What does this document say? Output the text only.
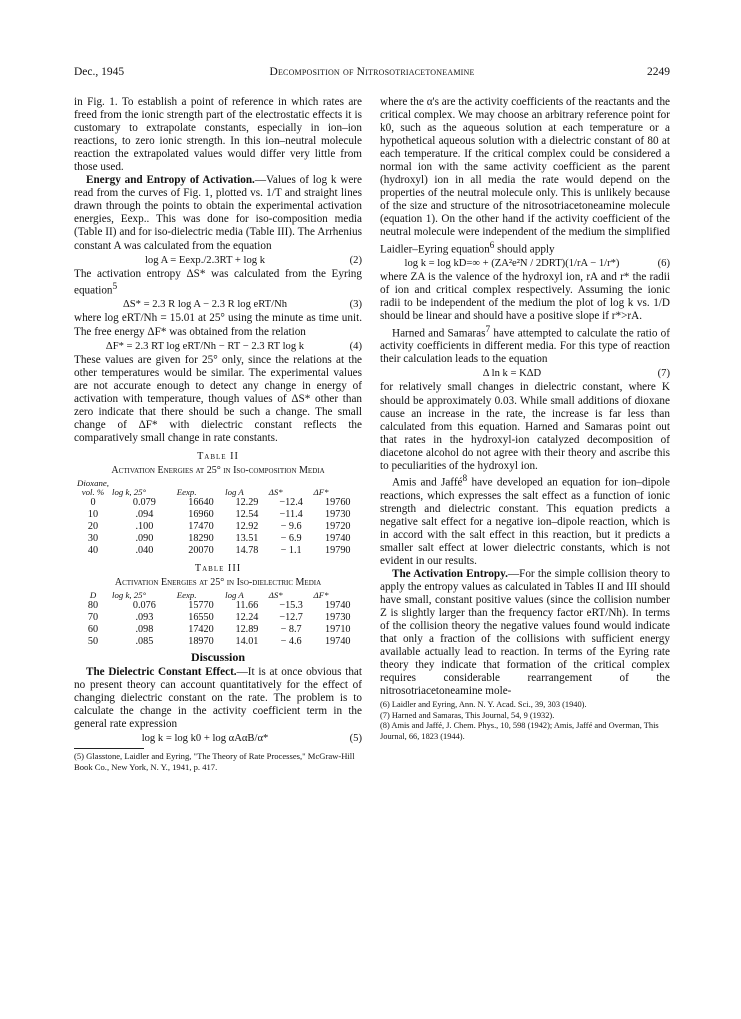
Dec., 1945	Decomposition of Nitrosotriacetoneamine	2249

in Fig. 1. To establish a point of reference in which rates are freed from the ionic strength part of the electrostatic effects it is customary to extrapolate constants, especially in ion–ion reactions, to zero ionic strength. In this ion–neutral molecule reaction the extrapolated values would differ very little from those used.

Energy and Entropy of Activation.—Values of log k were read from the curves of Fig. 1, plotted vs. 1/T and straight lines drawn through the points to obtain the experimental activation energies, Eexp.. This was done for iso-composition media (Table II) and for iso-dielectric media (Table III). The Arrhenius constant A was calculated from the equation

log A = Eexp./2.3RT + log k	(2)

The activation entropy ΔS* was calculated from the Eyring equation$^5$

ΔS* = 2.3 R log A − 2.3 R log eRT/Nh	(3)

where log eRT/Nh = 15.01 at 25° using the minute as time unit. The free energy ΔF* was obtained from the relation

ΔF* = 2.3 RT log eRT/Nh − RT − 2.3 RT log k	(4)

These values are given for 25° only, since the relations at the other temperatures would be similar. The experimental values are not accurate enough to detect any change in energy of activation with temperature, though values of ΔS* other than zero indicate that there should be such a change. The small change of ΔF* with dielectric constant reflects the comparatively small change in rate constants.

Table II
Activation Energies at 25° in Iso-composition Media
Dioxane, vol. %	log k, 25°	Eexp.	log A	ΔS*	ΔF*
0	0.079	16640	12.29	−12.4	19760
10	.094	16960	12.54	−11.4	19730
20	.100	17470	12.92	− 9.6	19720
30	.090	18290	13.51	− 6.9	19740
40	.040	20070	14.78	− 1.1	19790
Table III
Activation Energies at 25° in Iso-dielectric Media
D	log k, 25°	Eexp.	log A	ΔS*	ΔF*
80	0.076	15770	11.66	−15.3	19740
70	.093	16550	12.24	−12.7	19730
60	.098	17420	12.89	− 8.7	19710
50	.085	18970	14.01	− 4.6	19740
Discussion

The Dielectric Constant Effect.—It is at once obvious that no present theory can account quantitatively for the effect of changing dielectric constant on the rate. The problem is to calculate the change in the activity coefficient term in the general rate expression

log k = log k0 + log αAαB/α*	(5)
(5) Glasstone, Laidler and Eyring, "The Theory of Rate Processes," McGraw-Hill Book Co., New York, N. Y., 1941, p. 417.

where the α's are the activity coefficients of the reactants and the critical complex. We may choose an arbitrary reference point for k0, such as the aqueous solution at each temperature or a hypothetical aqueous solution with a dielectric constant of 80 at each temperature. If the critical complex could be considered a normal ion with the same activity coefficient as the parent (hydroxyl) ion in all media the rate would depend on the properties of the neutral molecule only. This is unlikely because of the size and structure of the nitrosotriacetoneamine molecule (equation 1). On the other hand if the activity coefficient of the neutral molecule were independent of the medium the simplified Laidler–Eyring equation$^6$ should apply

log k = log kD=∞ + (ZA²e²N / 2DRT)(1/rA − 1/r*)	(6)

where ZA is the valence of the hydroxyl ion, rA and r* the radii of ion and critical complex respectively. Assuming the ionic radii to be independent of the medium the plot of log k vs. 1/D should be linear and should have a positive slope if r*>rA.

Harned and Samaras$^7$ have attempted to calculate the ratio of activity coefficients in different media. For this type of reaction their calculation leads to the equation

Δ ln k = KΔD	(7)

for relatively small changes in dielectric constant, where K should be approximately 0.03. While small additions of dioxane cause an increase in the rate, the increase is far less than calculated from this equation. Harned and Samaras point out that rates in the hydroxyl-ion catalyzed decomposition of diacetone alcohol do not agree with their theory and ascribe this to peculiarities of the hydroxyl ion.

Amis and Jaffé$^8$ have developed an equation for ion–dipole reactions, which expresses the salt effect as a function of ionic strength and dielectric constant. This equation predicts a negative salt effect for a negative ion–dipole reaction, which is in accord with the salt effect in this reaction, but it predicts a smaller salt effect at lower dielectric constants, which is not evident in our results.

The Activation Entropy.—For the simple collision theory to apply the entropy values as calculated in Tables II and III should have small, constant positive values (since the collision number Z is slightly larger than the frequency factor eRT/Nh). In terms of the collision theory the negative values found would indicate that only a fraction of the collisions with sufficient energy available actually lead to reaction. In terms of the Eyring rate theory they indicate that formation of the critical complex requires considerable rearrangement of the nitrosotriacetoneamine mole-

(6) Laidler and Eyring, Ann. N. Y. Acad. Sci., 39, 303 (1940).
(7) Harned and Samaras, This Journal, 54, 9 (1932).
(8) Amis and Jaffé, J. Chem. Phys., 10, 598 (1942); Amis, Jaffé and Overman, This Journal, 66, 1823 (1944).
